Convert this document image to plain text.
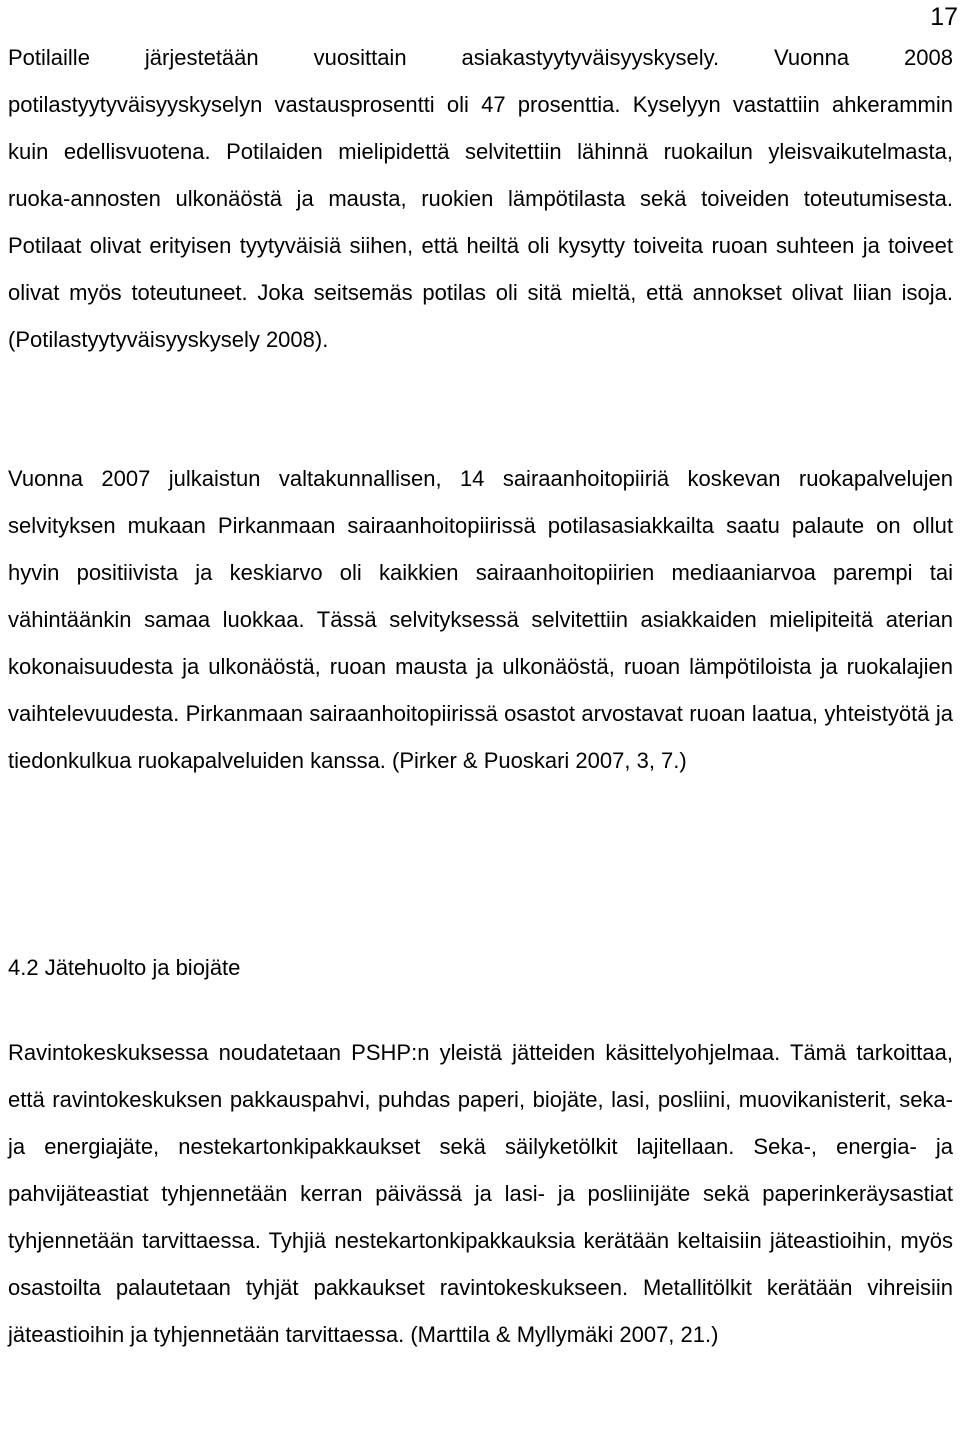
17

Potilaille järjestetään vuosittain asiakastyytyväisyyskysely. Vuonna 2008 potilastyytyväisyyskyselyn vastausprosentti oli 47 prosenttia. Kyselyyn vastattiin ahkerammin kuin edellisvuotena. Potilaiden mielipidettä selvitettiin lähinnä ruokailun yleisvaikutelmasta, ruoka-annosten ulkonäöstä ja mausta, ruokien lämpötilasta sekä toiveiden toteutumisesta. Potilaat olivat erityisen tyytyväisiä siihen, että heiltä oli kysytty toiveita ruoan suhteen ja toiveet olivat myös toteutuneet. Joka seitsemäs potilas oli sitä mieltä, että annokset olivat liian isoja. (Potilastyytyväisyyskysely 2008).

Vuonna 2007 julkaistun valtakunnallisen, 14 sairaanhoitopiiriä koskevan ruokapalvelujen selvityksen mukaan Pirkanmaan sairaanhoitopiirissä potilasasiakkailta saatu palaute on ollut hyvin positiivista ja keskiarvo oli kaikkien sairaanhoitopiirien mediaaniarvoa parempi tai vähintäänkin samaa luokkaa. Tässä selvityksessä selvitettiin asiakkaiden mielipiteitä aterian kokonaisuudesta ja ulkonäöstä, ruoan mausta ja ulkonäöstä, ruoan lämpötiloista ja ruokalajien vaihtelevuudesta. Pirkanmaan sairaanhoitopiirissä osastot arvostavat ruoan laatua, yhteistyötä ja tiedonkulkua ruokapalveluiden kanssa. (Pirker & Puoskari 2007, 3, 7.)

4.2 Jätehuolto ja biojäte

Ravintokeskuksessa noudatetaan PSHP:n yleistä jätteiden käsittelyohjelmaa. Tämä tarkoittaa, että ravintokeskuksen pakkauspahvi, puhdas paperi, biojäte, lasi, posliini, muovikanisterit, seka- ja energiajäte, nestekartonkipakkaukset sekä säilyketölkit lajitellaan. Seka-, energia- ja pahvijäteastiat tyhjennetään kerran päivässä ja lasi- ja posliinijäte sekä paperinkeräysastiat tyhjennetään tarvittaessa. Tyhjiä nestekartonkipakkauksia kerätään keltaisiin jäteastioihin, myös osastoilta palautetaan tyhjät pakkaukset ravintokeskukseen. Metallitölkit kerätään vihreisiin jäteastioihin ja tyhjennetään tarvittaessa. (Marttila & Myllymäki 2007, 21.)
